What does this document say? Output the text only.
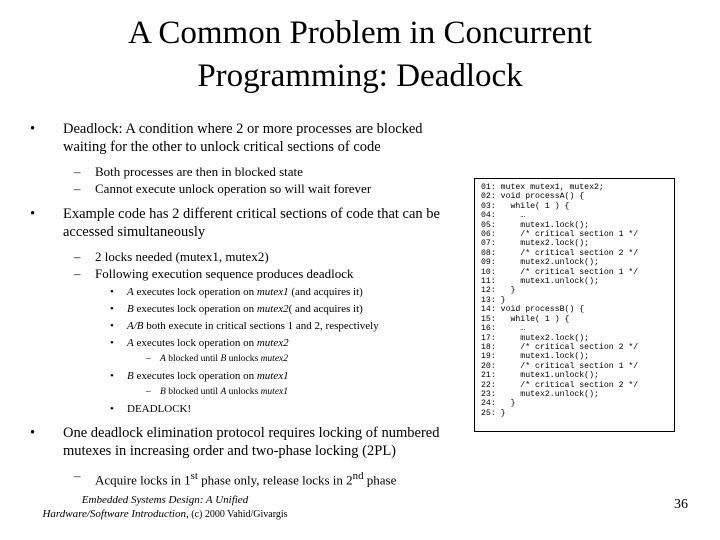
A Common Problem in Concurrent
Programming: Deadlock
• Deadlock: A condition where 2 or more processes are blocked waiting for the other to unlock critical sections of code
– Both processes are then in blocked state
– Cannot execute unlock operation so will wait forever
• Example code has 2 different critical sections of code that can be accessed simultaneously
– 2 locks needed (mutex1, mutex2)
– Following execution sequence produces deadlock
• A executes lock operation on mutex1 (and acquires it)
• B executes lock operation on mutex2( and acquires it)
• A/B both execute in critical sections 1 and 2, respectively
• A executes lock operation on mutex2
– A blocked until B unlocks mutex2
• B executes lock operation on mutex1
– B blocked until A unlocks mutex1
• DEADLOCK!
• One deadlock elimination protocol requires locking of numbered mutexes in increasing order and two-phase locking (2PL)
– Acquire locks in 1st phase only, release locks in 2nd phase
01: mutex mutex1, mutex2;
02: void processA() {
03:   while( 1 ) {
04:     …
05:     mutex1.lock();
06:     /* critical section 1 */
07:     mutex2.lock();
08:     /* critical section 2 */
09:     mutex2.unlock();
10:     /* critical section 1 */
11:     mutex1.unlock();
12:   }
13: }
14: void processB() {
15:   while( 1 ) {
16:     …
17:     mutex2.lock();
18:     /* critical section 2 */
19:     mutex1.lock();
20:     /* critical section 1 */
21:     mutex1.unlock();
22:     /* critical section 2 */
23:     mutex2.unlock();
24:   }
25: }
Embedded Systems Design: A Unified
Hardware/Software Introduction, (c) 2000 Vahid/Givargis
36
